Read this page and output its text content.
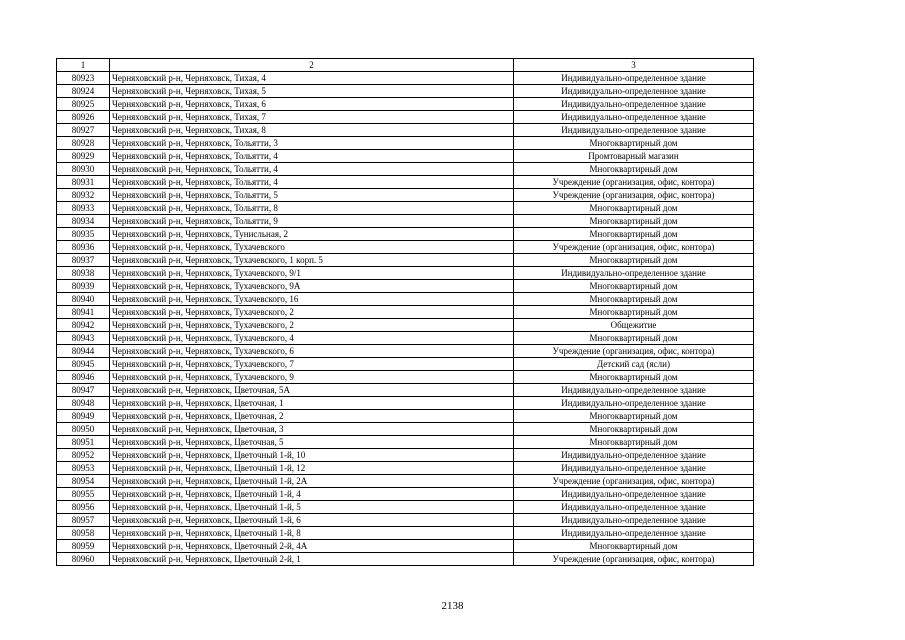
1	2	3
80923	Черняховский р-н, Черняховск, Тихая, 4	Индивидуально-определенное здание
80924	Черняховский р-н, Черняховск, Тихая, 5	Индивидуально-определенное здание
80925	Черняховский р-н, Черняховск, Тихая, 6	Индивидуально-определенное здание
80926	Черняховский р-н, Черняховск, Тихая, 7	Индивидуально-определенное здание
80927	Черняховский р-н, Черняховск, Тихая, 8	Индивидуально-определенное здание
80928	Черняховский р-н, Черняховск, Тольятти, 3	Многоквартирный дом
80929	Черняховский р-н, Черняховск, Тольятти, 4	Промтоварный магазин
80930	Черняховский р-н, Черняховск, Тольятти, 4	Многоквартирный дом
80931	Черняховский р-н, Черняховск, Тольятти, 4	Учреждение (организация, офис, контора)
80932	Черняховский р-н, Черняховск, Тольятти, 5	Учреждение (организация, офис, контора)
80933	Черняховский р-н, Черняховск, Тольятти, 8	Многоквартирный дом
80934	Черняховский р-н, Черняховск, Тольятти, 9	Многоквартирный дом
80935	Черняховский р-н, Черняховск, Тунисльная, 2	Многоквартирный дом
80936	Черняховский р-н, Черняховск, Тухачевского	Учреждение (организация, офис, контора)
80937	Черняховский р-н, Черняховск, Тухачевского, 1 корп. 5	Многоквартирный дом
80938	Черняховский р-н, Черняховск, Тухачевского, 9/1	Индивидуально-определенное здание
80939	Черняховский р-н, Черняховск, Тухачевского, 9А	Многоквартирный дом
80940	Черняховский р-н, Черняховск, Тухачевского, 16	Многоквартирный дом
80941	Черняховский р-н, Черняховск, Тухачевского, 2	Многоквартирный дом
80942	Черняховский р-н, Черняховск, Тухачевского, 2	Общежитие
80943	Черняховский р-н, Черняховск, Тухачевского, 4	Многоквартирный дом
80944	Черняховский р-н, Черняховск, Тухачевского, 6	Учреждение (организация, офис, контора)
80945	Черняховский р-н, Черняховск, Тухачевского, 7	Детский сад (ясли)
80946	Черняховский р-н, Черняховск, Тухачевского, 9	Многоквартирный дом
80947	Черняховский р-н, Черняховск, Цветочная, 5А	Индивидуально-определенное здание
80948	Черняховский р-н, Черняховск, Цветочная, 1	Индивидуально-определенное здание
80949	Черняховский р-н, Черняховск, Цветочная, 2	Многоквартирный дом
80950	Черняховский р-н, Черняховск, Цветочная, 3	Многоквартирный дом
80951	Черняховский р-н, Черняховск, Цветочная, 5	Многоквартирный дом
80952	Черняховский р-н, Черняховск, Цветочный 1-й, 10	Индивидуально-определенное здание
80953	Черняховский р-н, Черняховск, Цветочный 1-й, 12	Индивидуально-определенное здание
80954	Черняховский р-н, Черняховск, Цветочный 1-й, 2А	Учреждение (организация, офис, контора)
80955	Черняховский р-н, Черняховск, Цветочный 1-й, 4	Индивидуально-определенное здание
80956	Черняховский р-н, Черняховск, Цветочный 1-й, 5	Индивидуально-определенное здание
80957	Черняховский р-н, Черняховск, Цветочный 1-й, 6	Индивидуально-определенное здание
80958	Черняховский р-н, Черняховск, Цветочный 1-й, 8	Индивидуально-определенное здание
80959	Черняховский р-н, Черняховск, Цветочный 2-й, 4А	Многоквартирный дом
80960	Черняховский р-н, Черняховск, Цветочный 2-й, 1	Учреждение (организация, офис, контора)
2138
